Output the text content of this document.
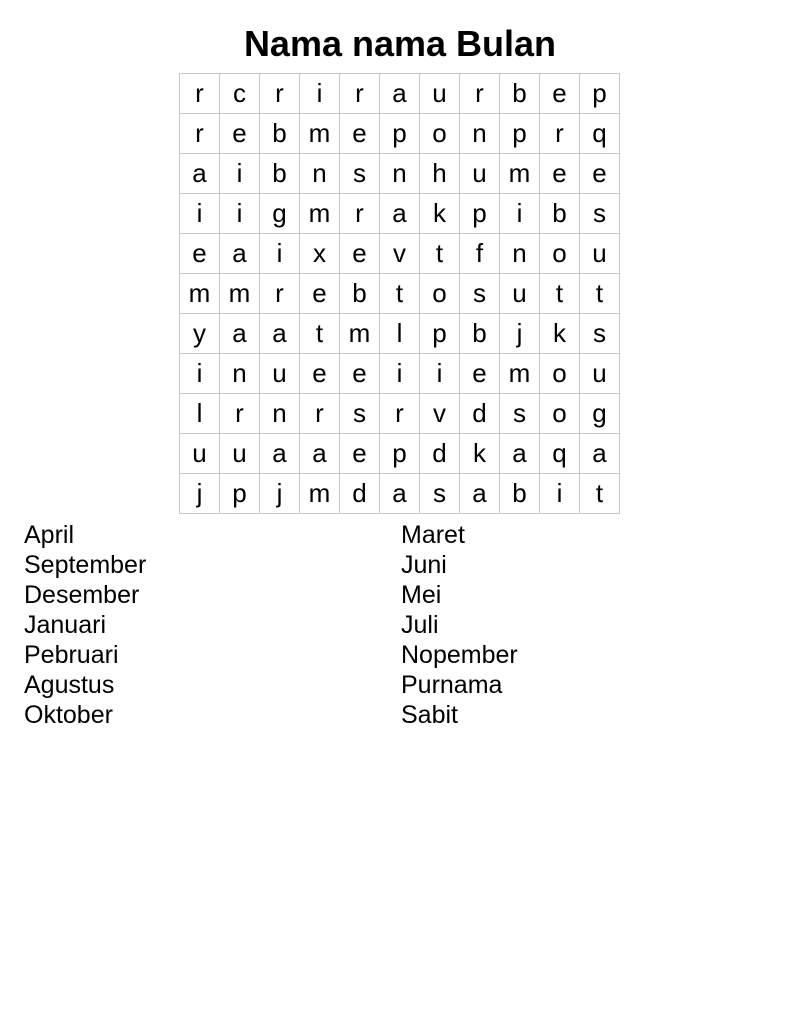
Nama nama Bulan
r	c	r	i	r	a	u	r	b	e	p
r	e	b	m	e	p	o	n	p	r	q
a	i	b	n	s	n	h	u	m	e	e
i	i	g	m	r	a	k	p	i	b	s
e	a	i	x	e	v	t	f	n	o	u
m	m	r	e	b	t	o	s	u	t	t
y	a	a	t	m	l	p	b	j	k	s
i	n	u	e	e	i	i	e	m	o	u
l	r	n	r	s	r	v	d	s	o	g
u	u	a	a	e	p	d	k	a	q	a
j	p	j	m	d	a	s	a	b	i	t
April
September
Desember
Januari
Pebruari
Agustus
Oktober
Maret
Juni
Mei
Juli
Nopember
Purnama
Sabit
